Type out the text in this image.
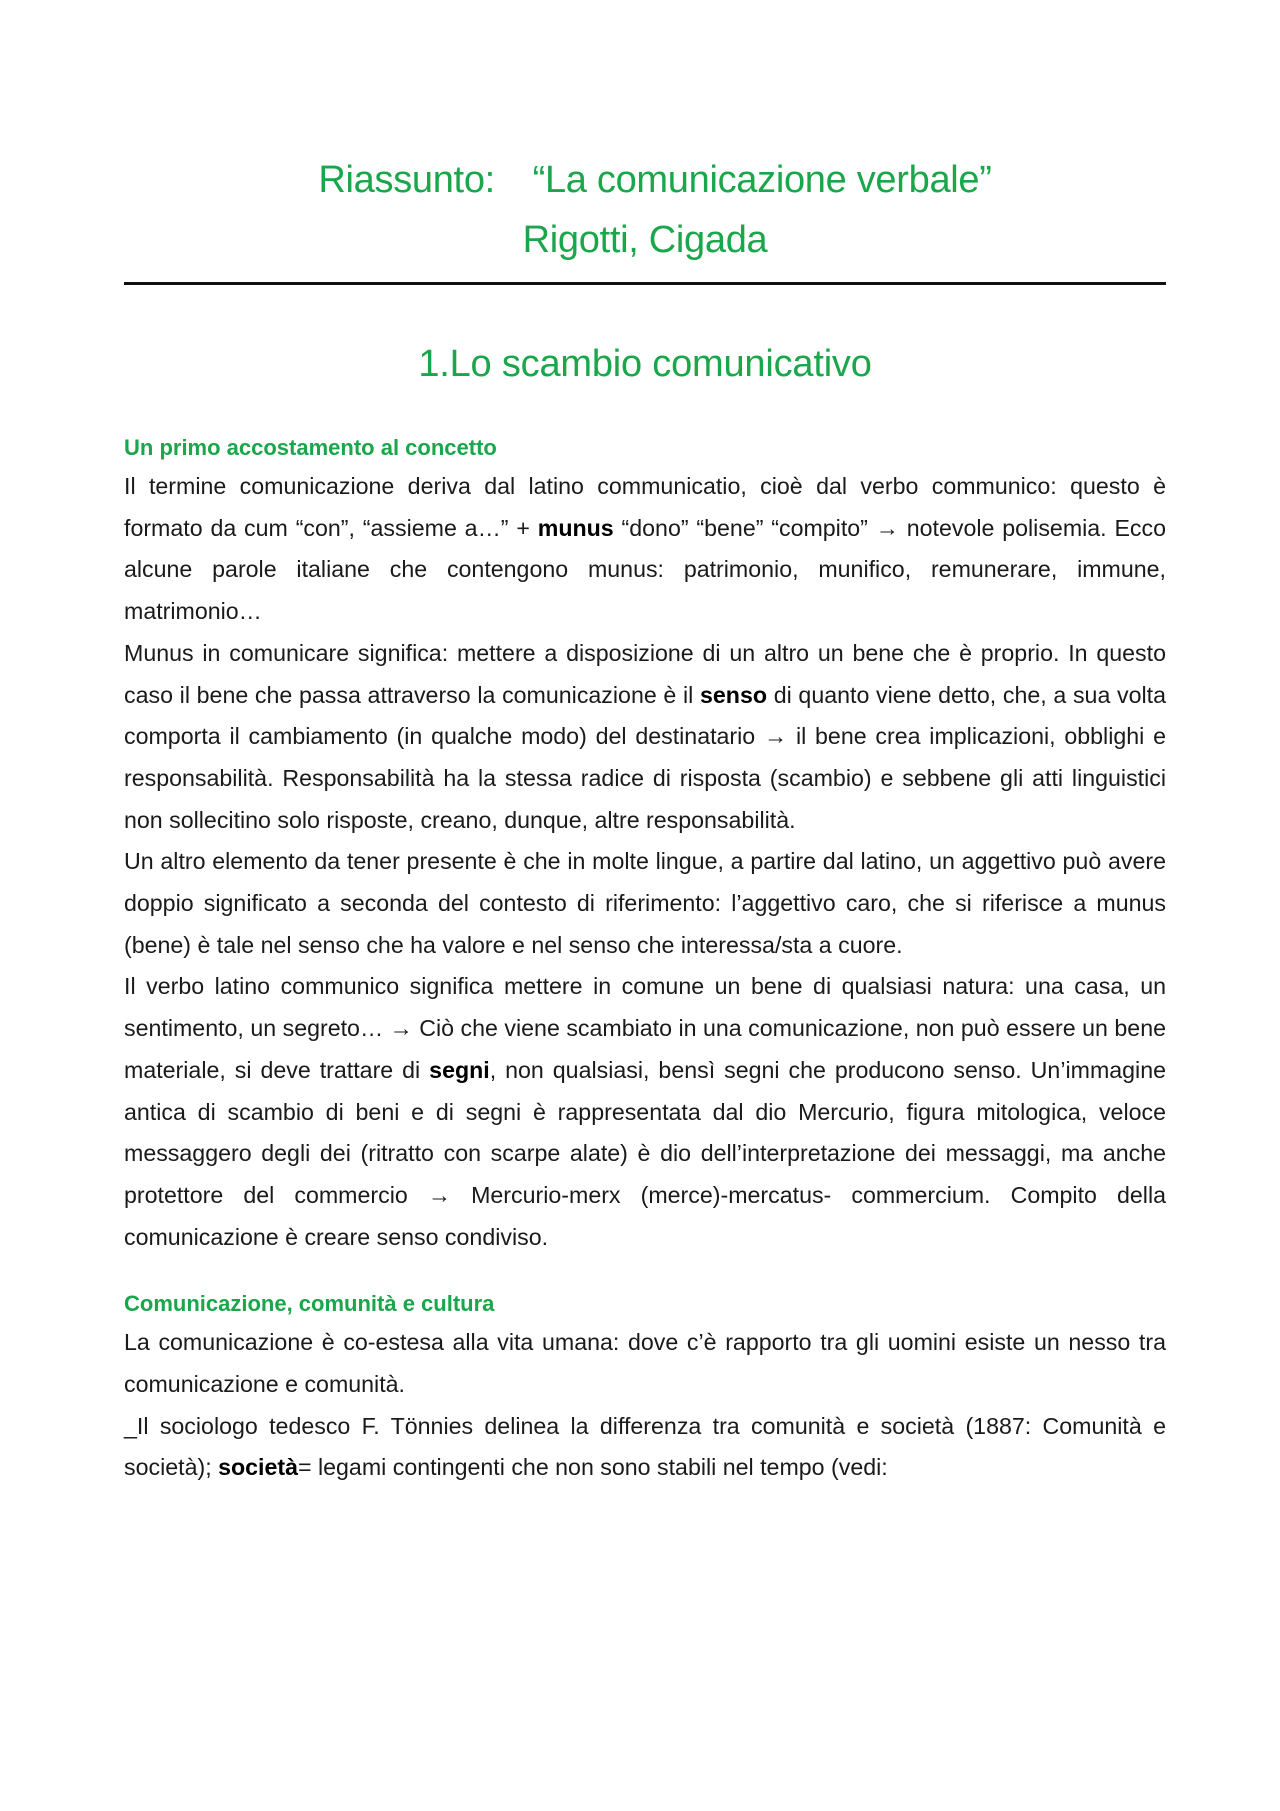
Riassunto:　“La comunicazione verbale”
Rigotti, Cigada
1.Lo scambio comunicativo
Un primo accostamento al concetto

Il termine comunicazione deriva dal latino communicatio, cioè dal verbo communico: questo è formato da cum “con”, “assieme a…” + munus “dono” “bene” “compito” → notevole polisemia. Ecco alcune parole italiane che contengono munus: patrimonio, munifico, remunerare, immune, matrimonio…

Munus in comunicare significa: mettere a disposizione di un altro un bene che è proprio. In questo caso il bene che passa attraverso la comunicazione è il senso di quanto viene detto, che, a sua volta comporta il cambiamento (in qualche modo) del destinatario → il bene crea implicazioni, obblighi e responsabilità. Responsabilità ha la stessa radice di risposta (scambio) e sebbene gli atti linguistici non sollecitino solo risposte, creano, dunque, altre responsabilità.

Un altro elemento da tener presente è che in molte lingue, a partire dal latino, un aggettivo può avere doppio significato a seconda del contesto di riferimento: l’aggettivo caro, che si riferisce a munus (bene) è tale nel senso che ha valore e nel senso che interessa/sta a cuore.

Il verbo latino communico significa mettere in comune un bene di qualsiasi natura: una casa, un sentimento, un segreto… → Ciò che viene scambiato in una comunicazione, non può essere un bene materiale, si deve trattare di segni, non qualsiasi, bensì segni che producono senso. Un’immagine antica di scambio di beni e di segni è rappresentata dal dio Mercurio, figura mitologica, veloce messaggero degli dei (ritratto con scarpe alate) è dio dell’interpretazione dei messaggi, ma anche protettore del commercio → Mercurio-merx (merce)-mercatus- commercium. Compito della comunicazione è creare senso condiviso.

Comunicazione, comunità e cultura

La comunicazione è co-estesa alla vita umana: dove c’è rapporto tra gli uomini esiste un nesso tra comunicazione e comunità.

_Il sociologo tedesco F. Tönnies delinea la differenza tra comunità e società (1887: Comunità e società); società= legami contingenti che non sono stabili nel tempo (vedi:
